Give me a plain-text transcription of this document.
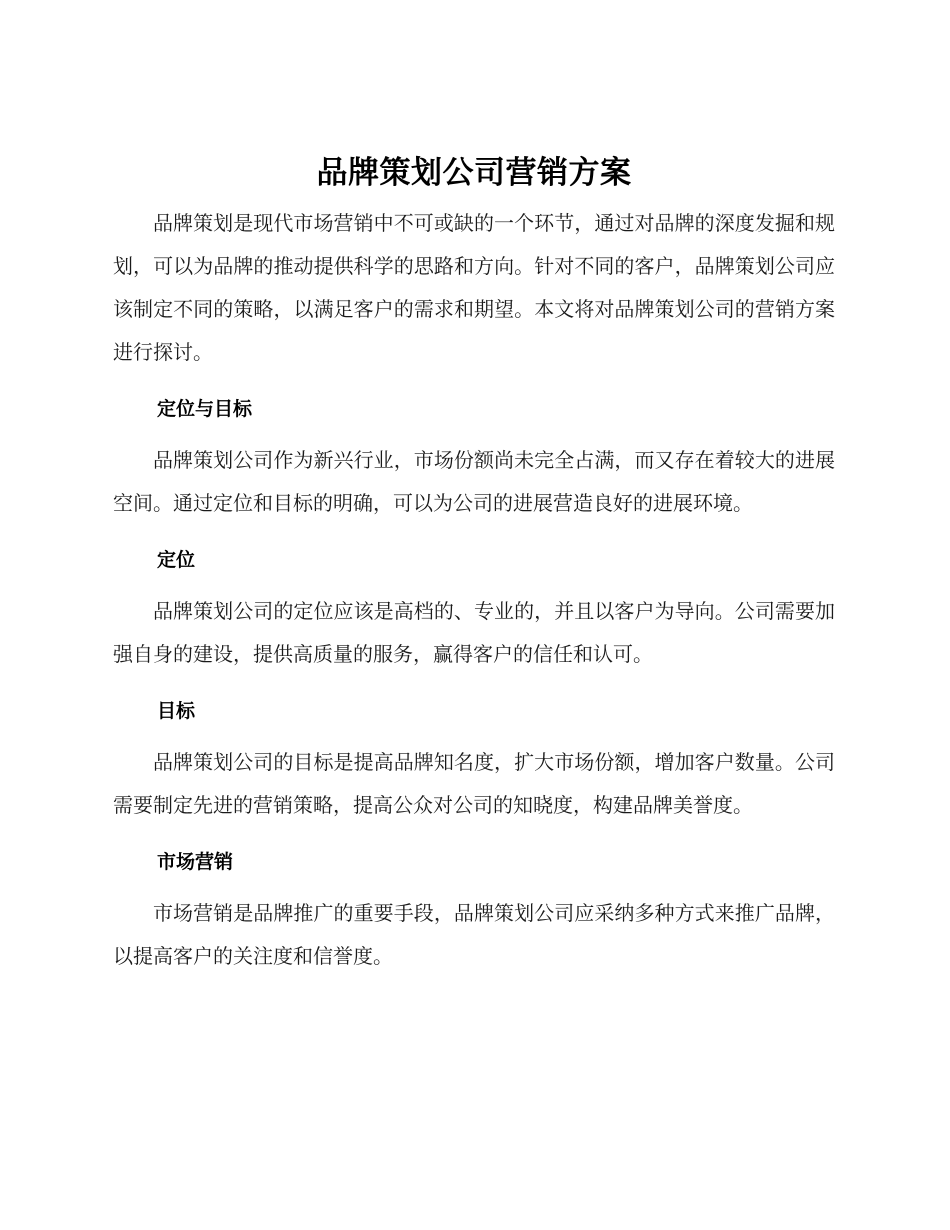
品牌策划公司营销方案

品牌策划是现代市场营销中不可或缺的一个环节，通过对品牌的深度发掘和规划，可以为品牌的推动提供科学的思路和方向。针对不同的客户，品牌策划公司应该制定不同的策略，以满足客户的需求和期望。本文将对品牌策划公司的营销方案进行探讨。

定位与目标

品牌策划公司作为新兴行业，市场份额尚未完全占满，而又存在着较大的进展空间。通过定位和目标的明确，可以为公司的进展营造良好的进展环境。

定位

品牌策划公司的定位应该是高档的、专业的，并且以客户为导向。公司需要加强自身的建设，提供高质量的服务，赢得客户的信任和认可。

目标

品牌策划公司的目标是提高品牌知名度，扩大市场份额，增加客户数量。公司需要制定先进的营销策略，提高公众对公司的知晓度，构建品牌美誉度。

市场营销

市场营销是品牌推广的重要手段，品牌策划公司应采纳多种方式来推广品牌，以提高客户的关注度和信誉度。
